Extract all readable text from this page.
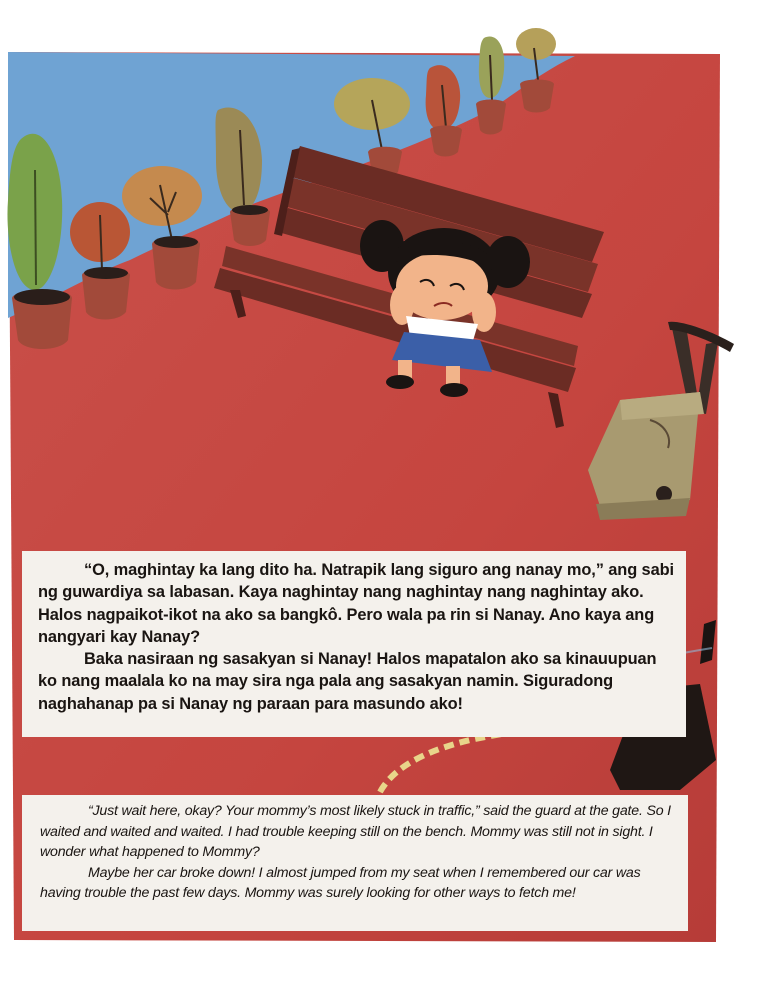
“O, maghintay ka lang dito ha. Natrapik lang siguro ang nanay mo,” ang sabi ng guwardiya sa labasan. Kaya naghintay nang naghintay nang naghintay ako. Halos nagpaikot-ikot na ako sa bangkô. Pero wala pa rin si Nanay. Ano kaya ang nangyari kay Nanay?

Baka nasiraan ng sasakyan si Nanay! Halos mapatalon ako sa kinauupuan ko nang maalala ko na may sira nga pala ang sasakyan namin. Siguradong naghahanap pa si Nanay ng paraan para masundo ako!

“Just wait here, okay? Your mommy’s most likely stuck in traffic,” said the guard at the gate. So I waited and waited and waited. I had trouble keeping still on the bench. Mommy was still not in sight. I wonder what happened to Mommy?

Maybe her car broke down! I almost jumped from my seat when I remembered our car was having trouble the past few days. Mommy was surely looking for other ways to fetch me!
